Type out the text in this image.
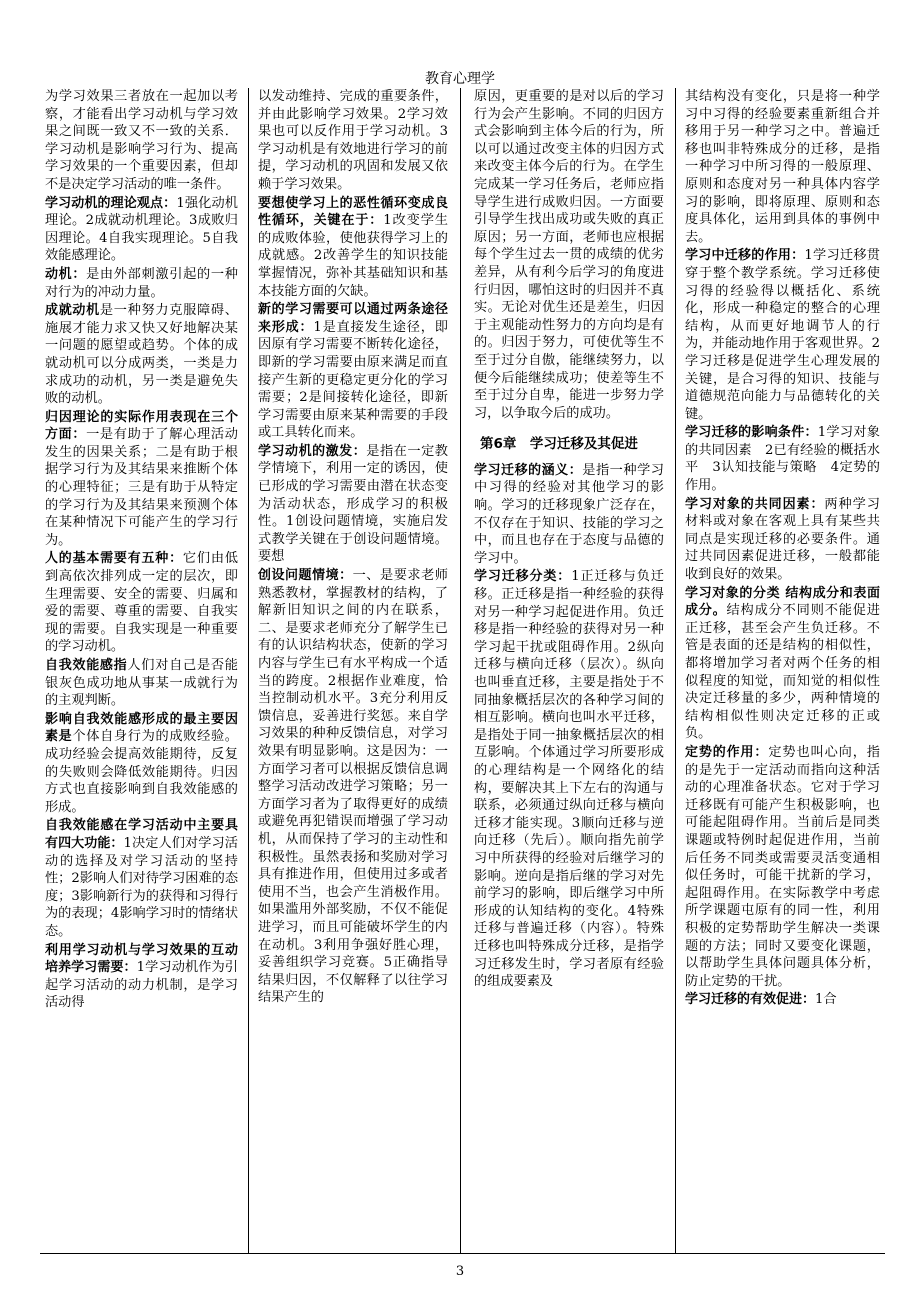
教育心理学

为学习效果三者放在一起加以考察，才能看出学习动机与学习效果之间既一致又不一致的关系．学习动机是影响学习行为、提高学习效果的一个重要因素，但却不是决定学习活动的唯一条件。

学习动机的理论观点：1强化动机理论。2成就动机理论。3成败归因理论。4自我实现理论。5自我效能感理论。

动机：是由外部刺激引起的一种对行为的冲动力量。

成就动机是一种努力克服障碍、施展才能力求又快又好地解决某一问题的愿望或趋势。个体的成就动机可以分成两类，一类是力求成功的动机，另一类是避免失败的动机。

归因理论的实际作用表现在三个方面：一是有助于了解心理活动发生的因果关系；二是有助于根据学习行为及其结果来推断个体的心理特征；三是有助于从特定的学习行为及其结果来预测个体在某种情况下可能产生的学习行为。

人的基本需要有五种：它们由低到高依次排列成一定的层次，即生理需要、安全的需要、归属和爱的需要、尊重的需要、自我实现的需要。自我实现是一种重要的学习动机。

自我效能感指人们对自己是否能银灰色成功地从事某一成就行为的主观判断。

影响自我效能感形成的最主要因素是个体自身行为的成败经验。成功经验会提高效能期待，反复的失败则会降低效能期待。归因方式也直接影响到自我效能感的形成。

自我效能感在学习活动中主要具有四大功能：1决定人们对学习活动的选择及对学习活动的坚持性；2影响人们对待学习困难的态度；3影响新行为的获得和习得行为的表现；4影响学习时的情绪状态。

利用学习动机与学习效果的互动培养学习需要：1学习动机作为引起学习活动的动力机制，是学习活动得

以发动维持、完成的重要条件，并由此影响学习效果。2学习效果也可以反作用于学习动机。3学习动机是有效地进行学习的前提，学习动机的巩固和发展又依赖于学习效果。

要想使学习上的恶性循环变成良性循环，关键在于：1改变学生的成败体验，使他获得学习上的成就感。2改善学生的知识技能掌握情况，弥补其基础知识和基本技能方面的欠缺。

新的学习需要可以通过两条途径来形成：1是直接发生途径，即因原有学习需要不断转化途径，即新的学习需要由原来满足而直接产生新的更稳定更分化的学习需要；2是间接转化途径，即新学习需要由原来某种需要的手段或工具转化而来。

学习动机的激发：是指在一定教学情境下，利用一定的诱因，使已形成的学习需要由潜在状态变为活动状态，形成学习的积极性。1创设问题情境，实施启发式教学关键在于创设问题情境。要想

创设问题情境：一、是要求老师熟悉教材，掌握教材的结构，了解新旧知识之间的内在联系，二、是要求老师充分了解学生已有的认识结构状态，使新的学习内容与学生已有水平构成一个适当的跨度。2根据作业难度，恰当控制动机水平。3充分利用反馈信息，妥善进行奖惩。来自学习效果的种种反馈信息，对学习效果有明显影响。这是因为：一方面学习者可以根据反馈信息调整学习活动改进学习策略；另一方面学习者为了取得更好的成绩或避免再犯错误而增强了学习动机，从而保持了学习的主动性和积极性。虽然表扬和奖励对学习具有推进作用，但使用过多或者使用不当，也会产生消极作用。如果滥用外部奖励，不仅不能促进学习，而且可能破坏学生的内在动机。3利用争强好胜心理，妥善组织学习竞赛。5正确指导结果归因，不仅解释了以往学习结果产生的

原因，更重要的是对以后的学习行为会产生影响。不同的归因方式会影响到主体今后的行为，所以可以通过改变主体的归因方式来改变主体今后的行为。在学生完成某一学习任务后，老师应指导学生进行成败归因。一方面要引导学生找出成功或失败的真正原因；另一方面，老师也应根据每个学生过去一贯的成绩的优劣差异，从有利今后学习的角度进行归因，哪怕这时的归因并不真实。无论对优生还是差生，归因于主观能动性努力的方向均是有的。归因于努力，可使优等生不至于过分自傲，能继续努力，以便今后能继续成功；使差等生不至于过分自卑，能进一步努力学习，以争取今后的成功。

第6章　学习迁移及其促进

学习迁移的涵义：是指一种学习中习得的经验对其他学习的影响。学习的迁移现象广泛存在，不仅存在于知识、技能的学习之中，而且也存在于态度与品德的学习中。

学习迁移分类：1正迁移与负迁移。正迁移是指一种经验的获得对另一种学习起促进作用。负迁移是指一种经验的获得对另一种学习起干扰或阻碍作用。2纵向迁移与横向迁移（层次）。纵向也叫垂直迁移，主要是指处于不同抽象概括层次的各种学习间的相互影响。横向也叫水平迁移，是指处于同一抽象概括层次的相互影响。个体通过学习所要形成的心理结构是一个网络化的结构，要解决其上下左右的沟通与联系，必须通过纵向迁移与横向迁移才能实现。3顺向迁移与逆向迁移（先后）。顺向指先前学习中所获得的经验对后继学习的影响。逆向是指后继的学习对先前学习的影响，即后继学习中所形成的认知结构的变化。4特殊迁移与普遍迁移（内容）。特殊迁移也叫特殊成分迁移，是指学习迁移发生时，学习者原有经验的组成要素及

其结构没有变化，只是将一种学习中习得的经验要素重新组合并移用于另一种学习之中。普遍迁移也叫非特殊成分的迁移，是指一种学习中所习得的一般原理、原则和态度对另一种具体内容学习的影响，即将原理、原则和态度具体化，运用到具体的事例中去。

学习中迁移的作用：1学习迁移贯穿于整个教学系统。学习迁移使习得的经验得以概括化、系统化，形成一种稳定的整合的心理结构，从而更好地调节人的行为，并能动地作用于客观世界。2学习迁移是促进学生心理发展的关键，是合习得的知识、技能与道德规范向能力与品德转化的关键。

学习迁移的影响条件：1学习对象的共同因素　2已有经验的概括水平　3认知技能与策略　4定势的作用。

学习对象的共同因素：两种学习材料或对象在客观上具有某些共同点是实现迁移的必要条件。通过共同因素促进迁移，一般都能收到良好的效果。

学习对象的分类 结构成分和表面成分。结构成分不同则不能促进正迁移，甚至会产生负迁移。不管是表面的还是结构的相似性，都将增加学习者对两个任务的相似程度的知觉，而知觉的相似性决定迁移量的多少，两种情境的结构相似性则决定迁移的正或负。

定势的作用：定势也叫心向，指的是先于一定活动而指向这种活动的心理准备状态。它对于学习迁移既有可能产生积极影响，也可能起阻碍作用。当前后是同类课题或特例时起促进作用，当前后任务不同类或需要灵活变通相似任务时，可能干扰新的学习，起阻碍作用。在实际教学中考虑所学课题屯原有的同一性，利用积极的定势帮助学生解决一类课题的方法；同时又要变化课题，以帮助学生具体问题具体分析，防止定势的干扰。

学习迁移的有效促进：1合

3
